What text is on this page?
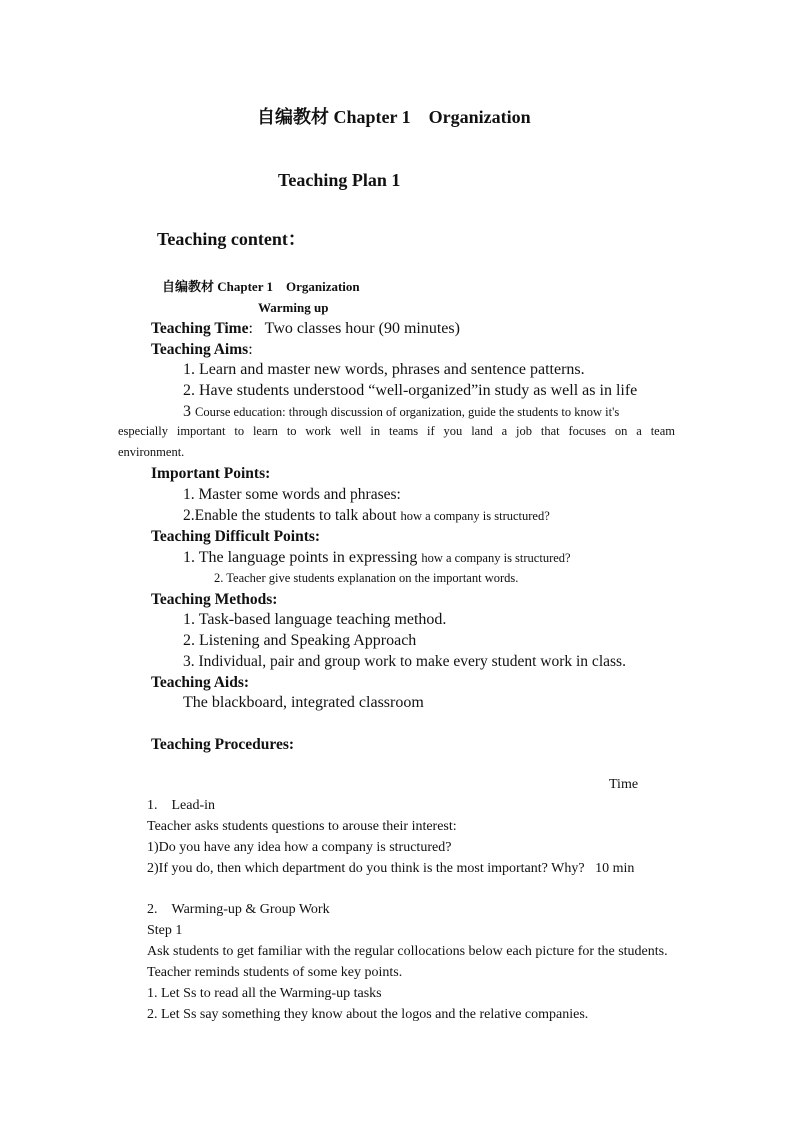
自编教材 Chapter 1　Organization
Teaching Plan 1
Teaching content：
自编教材 Chapter 1　Organization
Warming up
Teaching Time: Two classes hour (90 minutes)
Teaching Aims:
1. Learn and master new words, phrases and sentence patterns.
2. Have students understood “well-organized”in study as well as in life
3 Course education: through discussion of organization, guide the students to know it's
especially important to learn to work well in teams if you land a job that focuses on a team
environment.
Important Points:
1. Master some words and phrases:
2.Enable the students to talk about how a company is structured?
Teaching Difficult Points:
1. The language points in expressing how a company is structured?
2. Teacher give students explanation on the important words.
Teaching Methods:
1. Task-based language teaching method.
2. Listening and Speaking Approach
3. Individual, pair and group work to make every student work in class.
Teaching Aids:
The blackboard, integrated classroom
Teaching Procedures:
Time
1.　Lead-in
Teacher asks students questions to arouse their interest:
1)Do you have any idea how a company is structured?
2)If you do, then which department do you think is the most important? Why? 10 min
2.　Warming-up & Group Work
Step 1
Ask students to get familiar with the regular collocations below each picture for the students.
Teacher reminds students of some key points.
1. Let Ss to read all the Warming-up tasks
2. Let Ss say something they know about the logos and the relative companies.
